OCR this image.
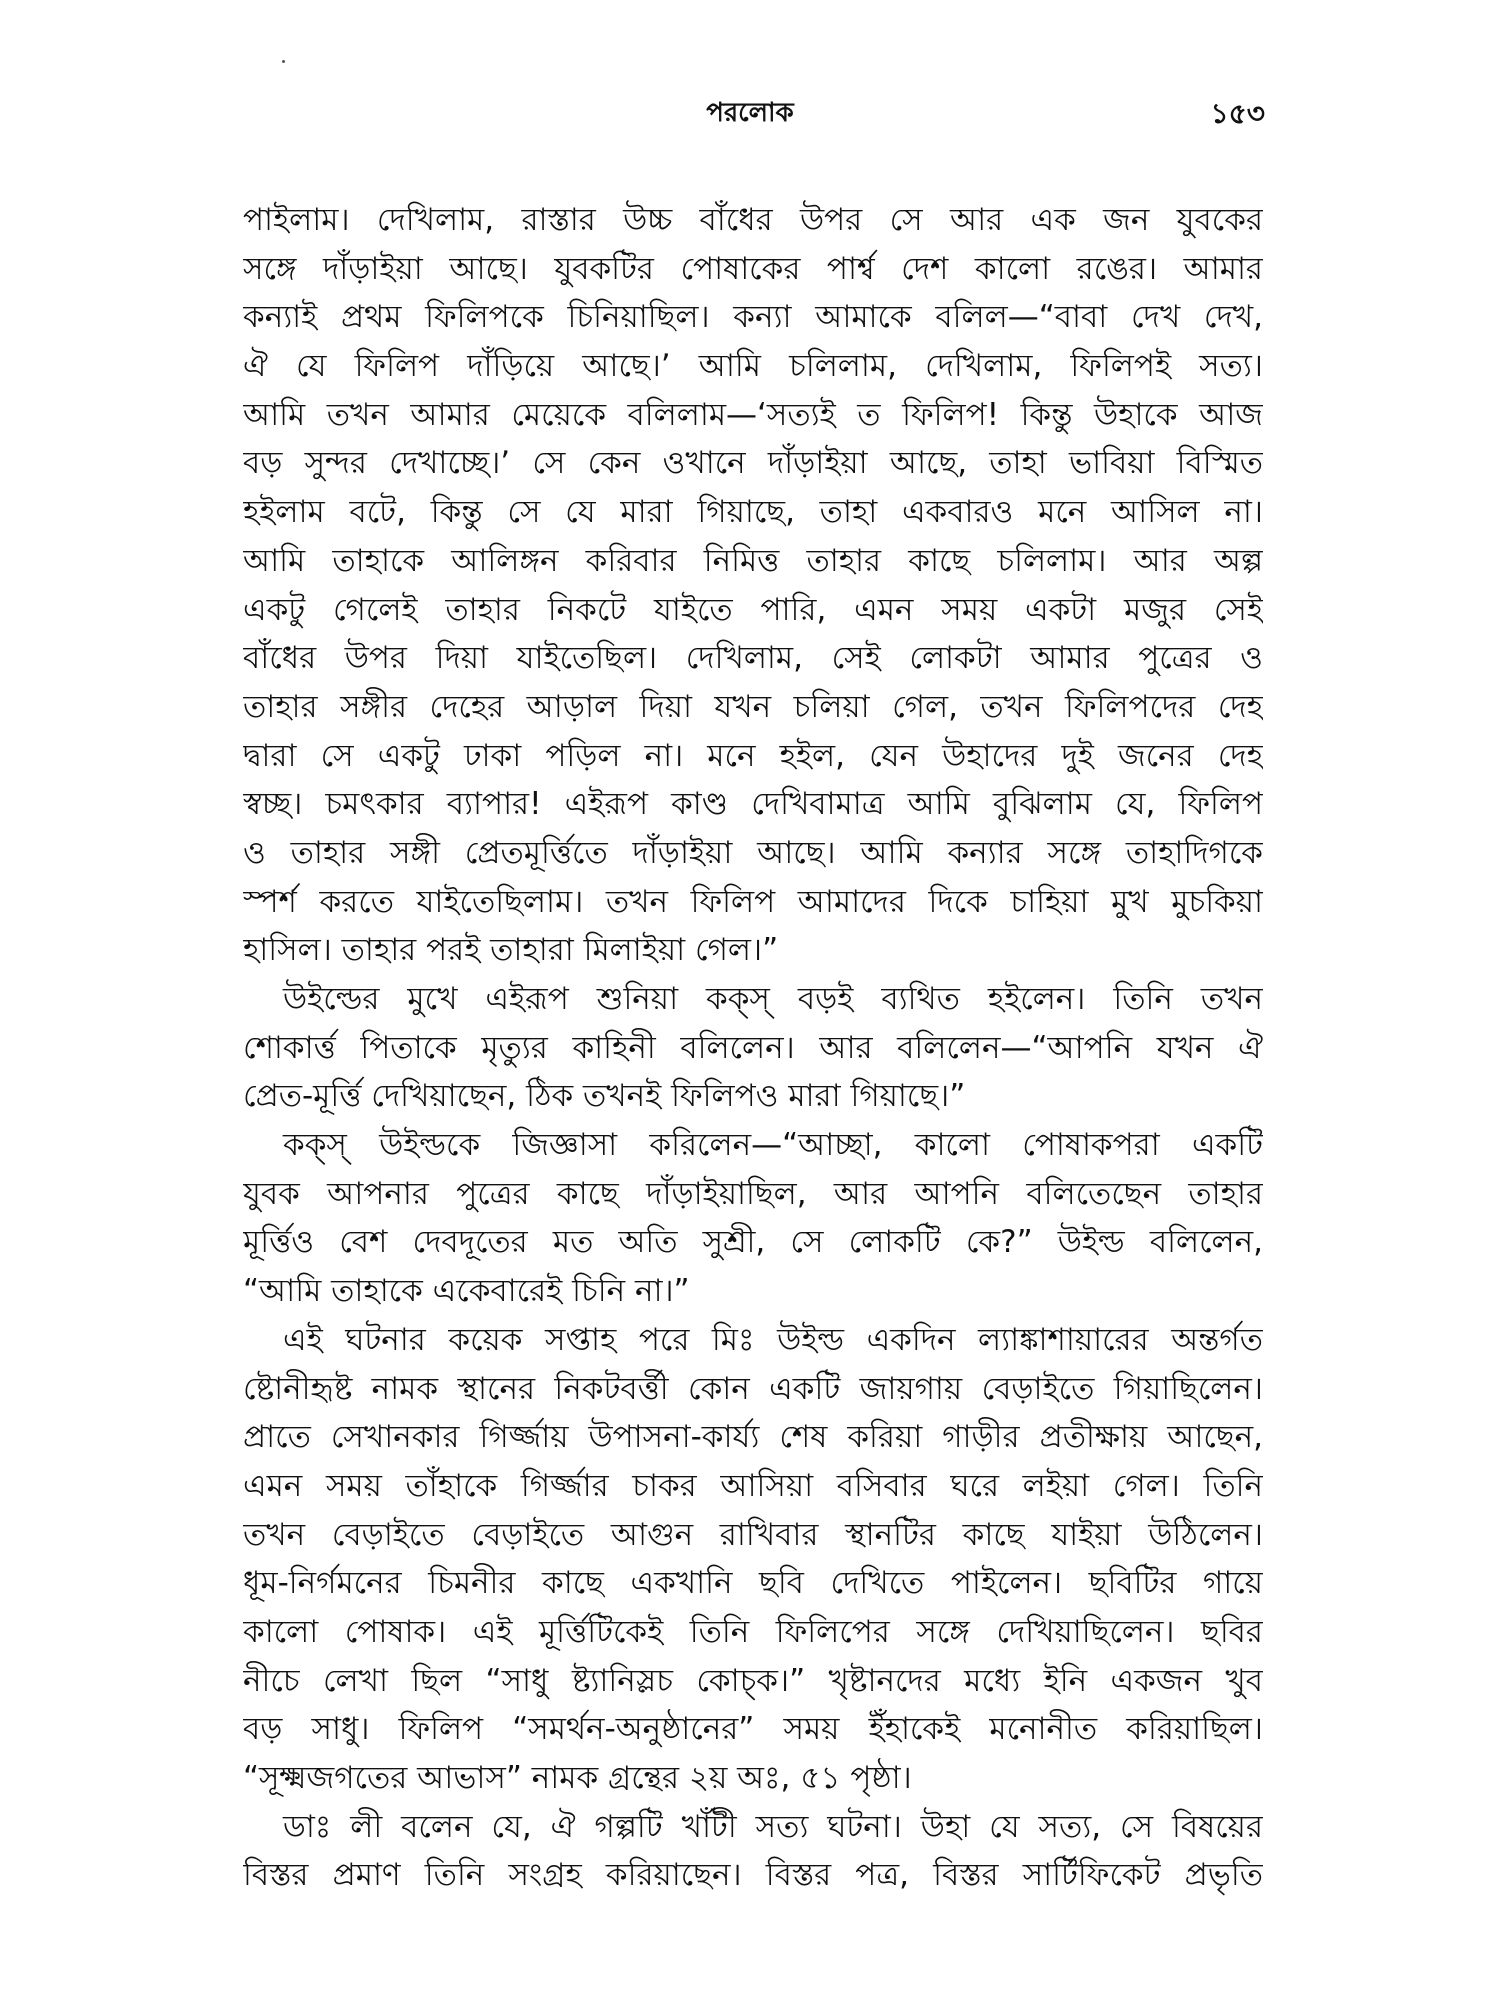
পরলোক	১৫৩
পাইলাম। দেখিলাম, রাস্তার উচ্চ বাঁধের উপর সে আর এক জন যুবকের
সঙ্গে দাঁড়াইয়া আছে। যুবকটির পোষাকের পার্শ্ব দেশ কালো রঙের। আমার
কন্যাই প্রথম ফিলিপকে চিনিয়াছিল। কন্যা আমাকে বলিল—“বাবা দেখ দেখ,
ঐ যে ফিলিপ দাঁড়িয়ে আছে।’ আমি চলিলাম, দেখিলাম, ফিলিপই সত্য।
আমি তখন আমার মেয়েকে বলিলাম—‘সত্যই ত ফিলিপ! কিন্তু উহাকে আজ
বড় সুন্দর দেখাচ্ছে।’ সে কেন ওখানে দাঁড়াইয়া আছে, তাহা ভাবিয়া বিস্মিত
হইলাম বটে, কিন্তু সে যে মারা গিয়াছে, তাহা একবারও মনে আসিল না।
আমি তাহাকে আলিঙ্গন করিবার নিমিত্ত তাহার কাছে চলিলাম। আর অল্প
একটু গেলেই তাহার নিকটে যাইতে পারি, এমন সময় একটা মজুর সেই
বাঁধের উপর দিয়া যাইতেছিল। দেখিলাম, সেই লোকটা আমার পুত্রের ও
তাহার সঙ্গীর দেহের আড়াল দিয়া যখন চলিয়া গেল, তখন ফিলিপদের দেহ
দ্বারা সে একটু ঢাকা পড়িল না। মনে হইল, যেন উহাদের দুই জনের দেহ
স্বচ্ছ। চমৎকার ব্যাপার! এইরূপ কাণ্ড দেখিবামাত্র আমি বুঝিলাম যে, ফিলিপ
ও তাহার সঙ্গী প্রেতমূর্ত্তিতে দাঁড়াইয়া আছে। আমি কন্যার সঙ্গে তাহাদিগকে
স্পর্শ করতে যাইতেছিলাম। তখন ফিলিপ আমাদের দিকে চাহিয়া মুখ মুচকিয়া
হাসিল। তাহার পরই তাহারা মিলাইয়া গেল।”
উইল্ডের মুখে এইরূপ শুনিয়া কক্স্ বড়ই ব্যথিত হইলেন। তিনি তখন
শোকার্ত্ত পিতাকে মৃত্যুর কাহিনী বলিলেন। আর বলিলেন—“আপনি যখন ঐ
প্রেত-মূর্ত্তি দেখিয়াছেন, ঠিক তখনই ফিলিপও মারা গিয়াছে।”
কক্স্ উইল্ডকে জিজ্ঞাসা করিলেন—“আচ্ছা, কালো পোষাকপরা একটি
যুবক আপনার পুত্রের কাছে দাঁড়াইয়াছিল, আর আপনি বলিতেছেন তাহার
মূর্ত্তিও বেশ দেবদূতের মত অতি সুশ্রী, সে লোকটি কে?” উইল্ড বলিলেন,
“আমি তাহাকে একেবারেই চিনি না।”
এই ঘটনার কয়েক সপ্তাহ পরে মিঃ উইল্ড একদিন ল্যাঙ্কাশায়ারের অন্তর্গত
ষ্টোনীহৃষ্ট নামক স্থানের নিকটবর্ত্তী কোন একটি জায়গায় বেড়াইতে গিয়াছিলেন।
প্রাতে সেখানকার গির্জ্জায় উপাসনা-কার্য্য শেষ করিয়া গাড়ীর প্রতীক্ষায় আছেন,
এমন সময় তাঁহাকে গির্জ্জার চাকর আসিয়া বসিবার ঘরে লইয়া গেল। তিনি
তখন বেড়াইতে বেড়াইতে আগুন রাখিবার স্থানটির কাছে যাইয়া উঠিলেন।
ধূম-নির্গমনের চিমনীর কাছে একখানি ছবি দেখিতে পাইলেন। ছবিটির গায়ে
কালো পোষাক। এই মূর্ত্তিটিকেই তিনি ফিলিপের সঙ্গে দেখিয়াছিলেন। ছবির
নীচে লেখা ছিল “সাধু ষ্ট্যানিস্লচ কোচ্ক।” খৃষ্টানদের মধ্যে ইনি একজন খুব
বড় সাধু। ফিলিপ “সমর্থন-অনুষ্ঠানের” সময় ইঁহাকেই মনোনীত করিয়াছিল।
“সূক্ষ্মজগতের আভাস” নামক গ্রন্থের ২য় অঃ, ৫১ পৃষ্ঠা।
ডাঃ লী বলেন যে, ঐ গল্পটি খাঁটী সত্য ঘটনা। উহা যে সত্য, সে বিষয়ের
বিস্তর প্রমাণ তিনি সংগ্রহ করিয়াছেন। বিস্তর পত্র, বিস্তর সার্টিফিকেট প্রভৃতি
